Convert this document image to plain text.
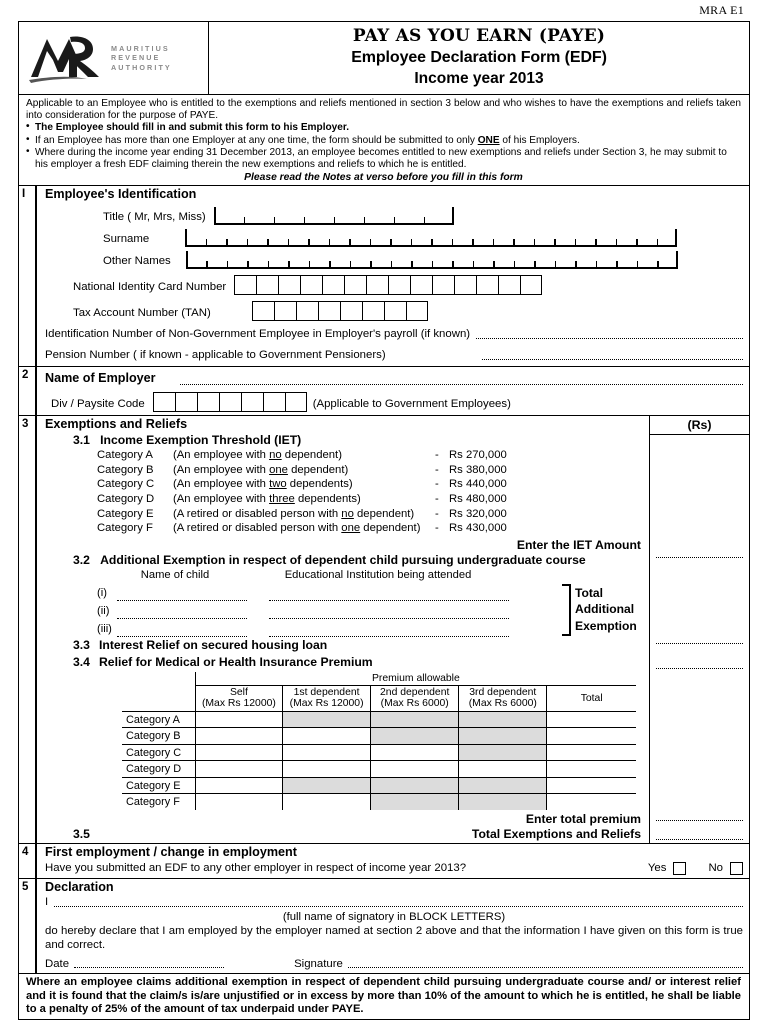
MRA E1
MAURITIUS
REVENUE
AUTHORITY
PAY AS YOU EARN (PAYE)
Employee Declaration Form (EDF)
Income year 2013

Applicable to an Employee who is entitled to the exemptions and reliefs mentioned in section 3 below and who wishes to have the exemptions and reliefs taken into consideration for the purpose of PAYE.

• The Employee should fill in and submit this form to his Employer.
• If an Employee has more than one Employer at any one time, the form should be submitted to only ONE of his Employers.
• Where during the income year ending 31 December 2013, an employee becomes entitled to new exemptions and reliefs under Section 3, he may submit to his employer a fresh EDF claiming therein the new exemptions and reliefs to which he is entitled.
Please read the Notes at verso before you fill in this form
I	Employee's Identification
Title ( Mr, Mrs, Miss)
Surname
Other Names
National Identity Card Number
Tax Account Number (TAN)
Identification Number of Non-Government Employee in Employer's payroll (if known)
Pension Number ( if known - applicable to Government Pensioners)
2	Name of Employer
Div / Paysite Code	(Applicable to Government Employees)
3	Exemptions and Reliefs
3.1 Income Exemption Threshold (IET)
Category A	(An employee with no dependent)	- Rs 270,000
Category B	(An employee with one dependent)	- Rs 380,000
Category C	(An employee with two dependents)	- Rs 440,000
Category D	(An employee with three dependents)	- Rs 480,000
Category E	(A retired or disabled person with no dependent)	- Rs 320,000
Category F	(A retired or disabled person with one dependent)	- Rs 430,000
Enter the IET Amount
3.2 Additional Exemption in respect of dependent child pursuing undergraduate course
Name of child	Educational Institution being attended
(i)
(ii)
(iii)
Total
Additional
Exemption
3.3 Interest Relief on secured housing loan
3.4 Relief for Medical or Health Insurance Premium
	Premium allowable				

Self
(Max Rs 12000)

1st dependent
(Max Rs 12000)

2nd dependent
(Max Rs 6000)

3rd dependent
(Max Rs 6000)

Total

Category A					
Category B					
Category C					
Category D					
Category E					
Category F					
Enter total premium
3.5	Total Exemptions and Reliefs
(Rs)
4	First employment / change in employment
Have you submitted an EDF to any other employer in respect of income year 2013?	Yes	No
5	Declaration
I
(full name of signatory in BLOCK LETTERS)
do hereby declare that I am employed by the employer named at section 2 above and that the information I have given on this form is true and correct.
Date	Signature

Where an employee claims additional exemption in respect of dependent child pursuing undergraduate course and/ or interest relief and it is found that the claim/s is/are unjustified or in excess by more than 10% of the amount to which he is entitled, he shall be liable to a penalty of 25% of the amount of tax underpaid under PAYE.
